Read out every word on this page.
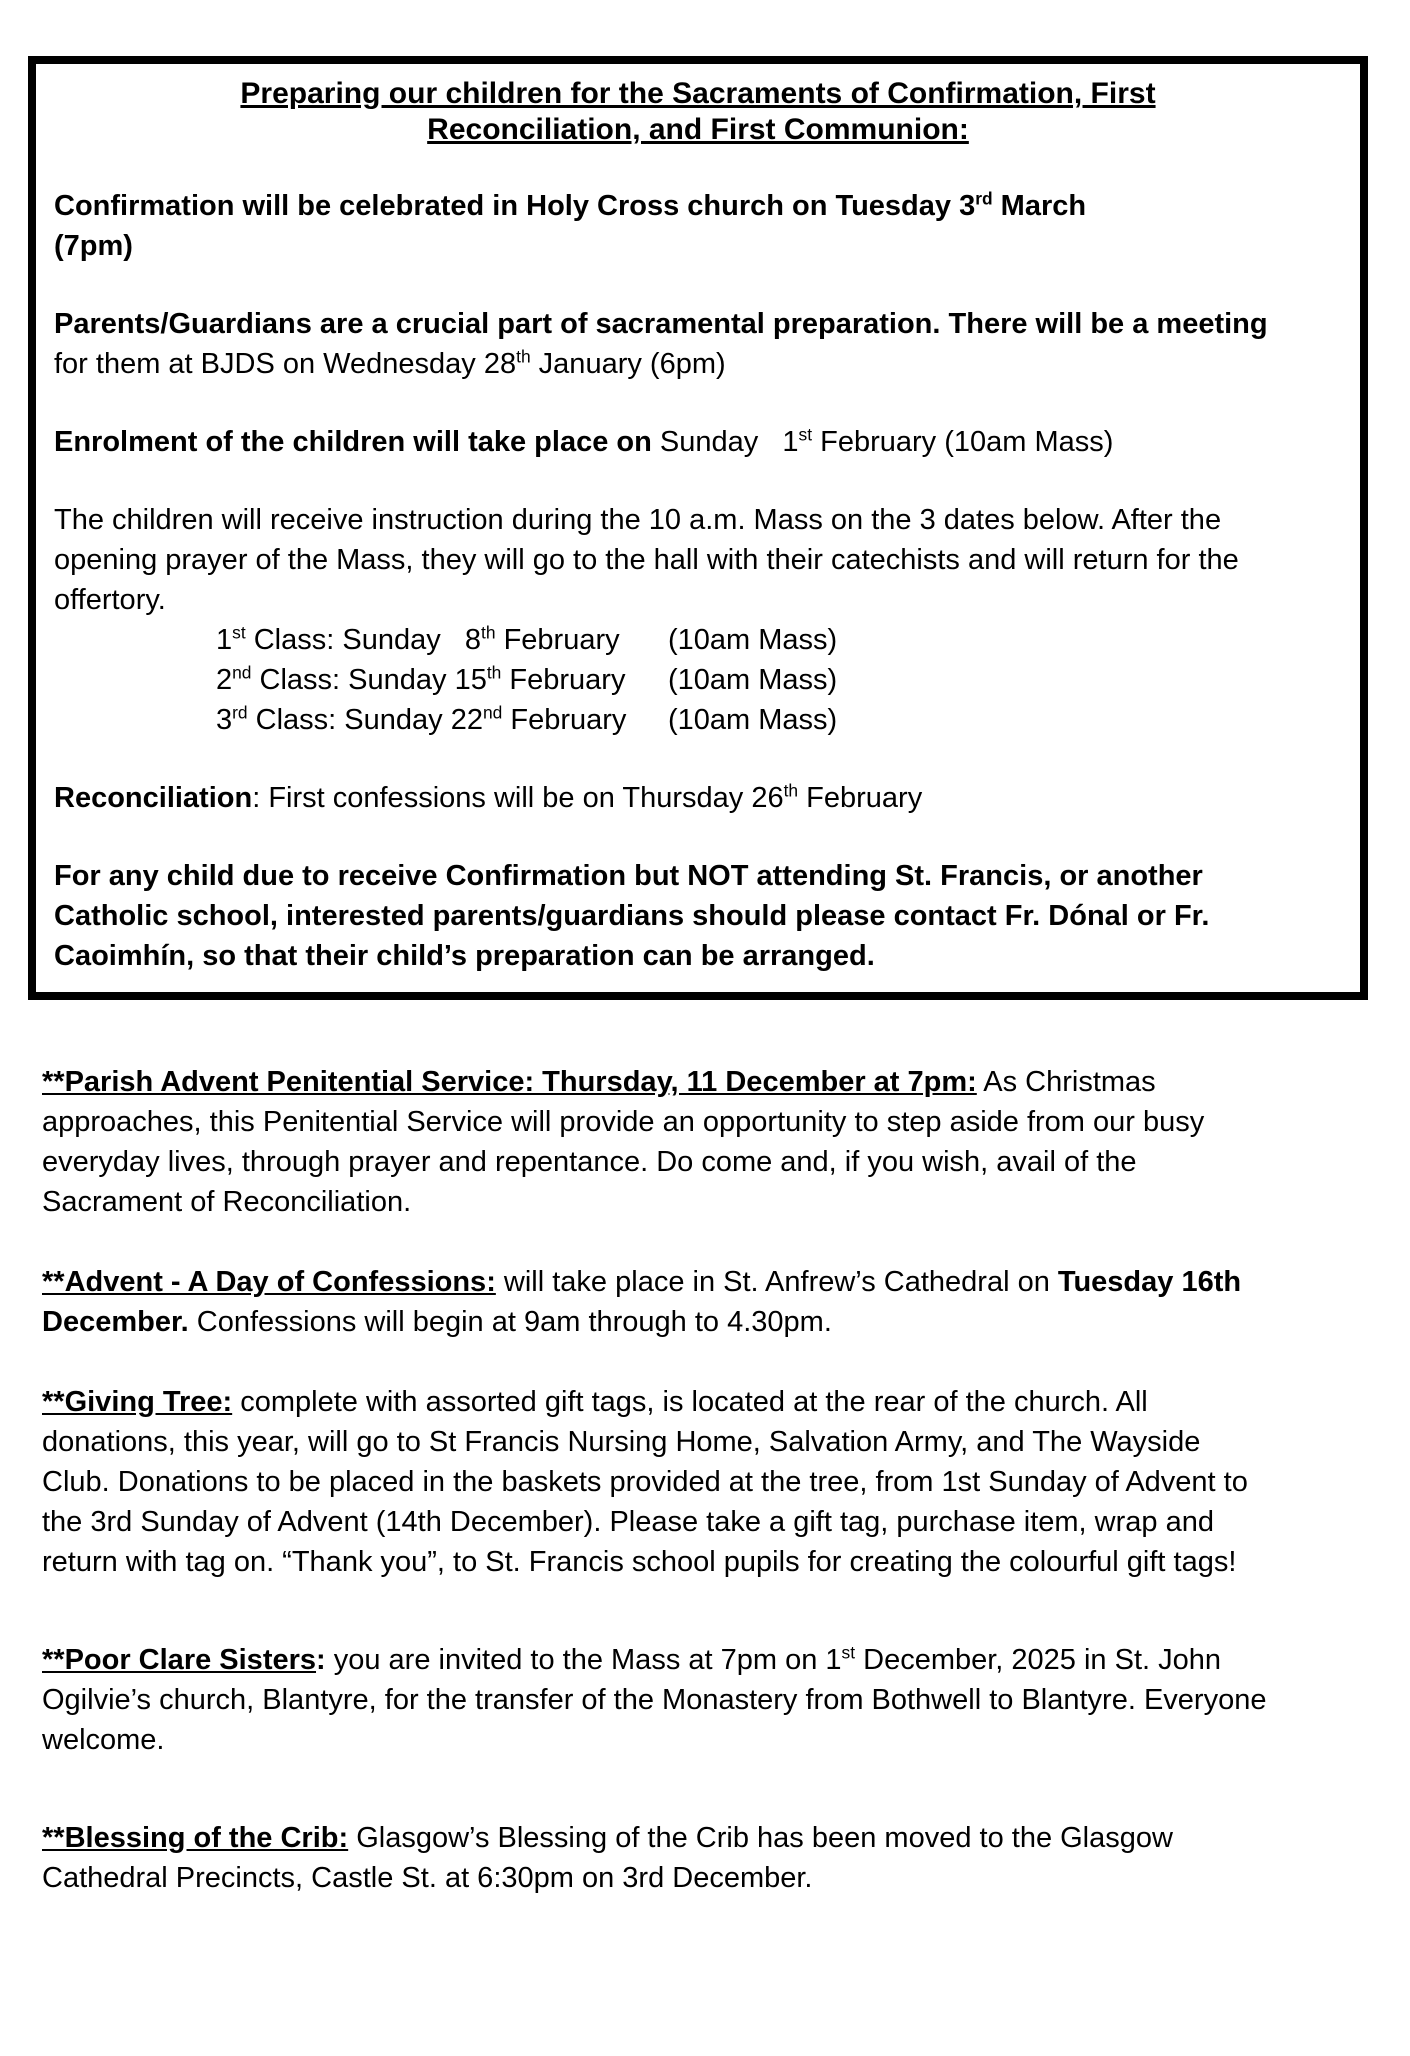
Preparing our children for the Sacraments of Confirmation, First
Reconciliation, and First Communion:

Confirmation will be celebrated in Holy Cross church on Tuesday 3rd March
(7pm)

Parents/Guardians are a crucial part of sacramental preparation. There will be a meeting for them at BJDS on Wednesday 28th January (6pm)

Enrolment of the children will take place on Sunday   1st February (10am Mass)

The children will receive instruction during the 10 a.m. Mass on the 3 dates below. After the opening prayer of the Mass, they will go to the hall with their catechists and will return for the offertory.

1st Class: Sunday   8th February (10am Mass)
2nd Class: Sunday 15th February (10am Mass)
3rd Class: Sunday 22nd February (10am Mass)

Reconciliation: First confessions will be on Thursday 26th February

For any child due to receive Confirmation but NOT attending St. Francis, or another Catholic school, interested parents/guardians should please contact Fr. Dónal or Fr. Caoimhín, so that their child’s preparation can be arranged.

**Parish Advent Penitential Service: Thursday, 11 December at 7pm: As Christmas approaches, this Penitential Service will provide an opportunity to step aside from our busy everyday lives, through prayer and repentance. Do come and, if you wish, avail of the Sacrament of Reconciliation.

**Advent - A Day of Confessions: will take place in St. Anfrew’s Cathedral on Tuesday 16th December. Confessions will begin at 9am through to 4.30pm.

**Giving Tree: complete with assorted gift tags, is located at the rear of the church. All donations, this year, will go to St Francis Nursing Home, Salvation Army, and The Wayside Club. Donations to be placed in the baskets provided at the tree, from 1st Sunday of Advent to the 3rd Sunday of Advent (14th December). Please take a gift tag, purchase item, wrap and return with tag on. “Thank you”, to St. Francis school pupils for creating the colourful gift tags!

**Poor Clare Sisters: you are invited to the Mass at 7pm on 1st December, 2025 in St. John Ogilvie’s church, Blantyre, for the transfer of the Monastery from Bothwell to Blantyre. Everyone welcome.

**Blessing of the Crib: Glasgow’s Blessing of the Crib has been moved to the Glasgow Cathedral Precincts, Castle St. at 6:30pm on 3rd December.
